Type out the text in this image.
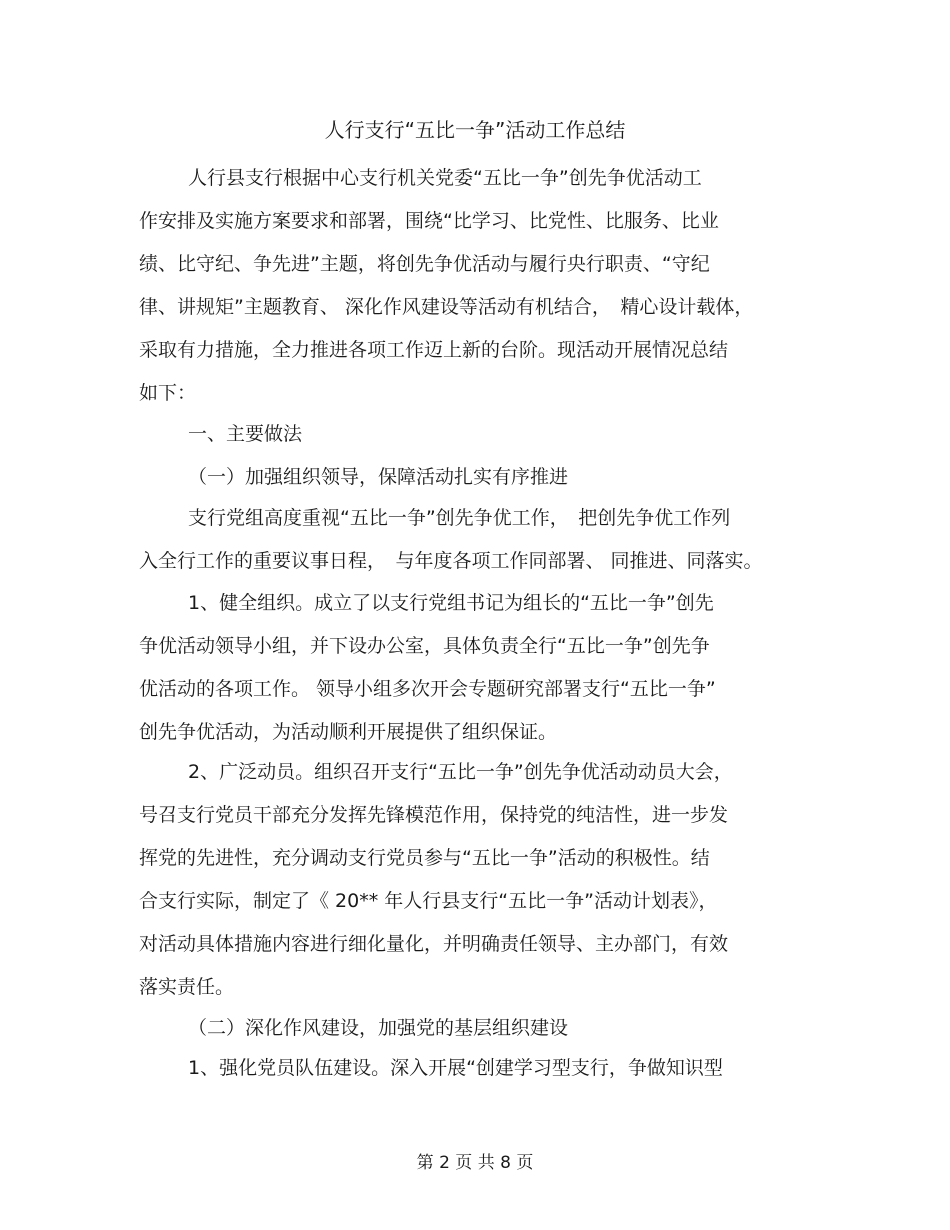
人行支行“五比一争”活动工作总结
人行县支行根据中心支行机关党委“五比一争”创先争优活动工
作安排及实施方案要求和部署，围绕“比学习、比党性、比服务、比业
绩、比守纪、争先进”主题，将创先争优活动与履行央行职责、“守纪
律、讲规矩”主题教育、 深化作风建设等活动有机结合，　精心设计载体，
采取有力措施，全力推进各项工作迈上新的台阶。现活动开展情况总结
如下：
一、主要做法
（一）加强组织领导，保障活动扎实有序推进
支行党组高度重视“五比一争”创先争优工作，　把创先争优工作列
入全行工作的重要议事日程，　与年度各项工作同部署、 同推进、同落实。
1、健全组织。成立了以支行党组书记为组长的“五比一争”创先
争优活动领导小组，并下设办公室，具体负责全行“五比一争”创先争
优活动的各项工作。 领导小组多次开会专题研究部署支行“五比一争”
创先争优活动，为活动顺利开展提供了组织保证。
2、广泛动员。组织召开支行“五比一争”创先争优活动动员大会，
号召支行党员干部充分发挥先锋模范作用，保持党的纯洁性，进一步发
挥党的先进性，充分调动支行党员参与“五比一争”活动的积极性。结
合支行实际，制定了《 20** 年人行县支行“五比一争”活动计划表》，
对活动具体措施内容进行细化量化，并明确责任领导、主办部门，有效
落实责任。
（二）深化作风建设，加强党的基层组织建设
1、强化党员队伍建设。深入开展“创建学习型支行，争做知识型
第 2 页 共 8 页
